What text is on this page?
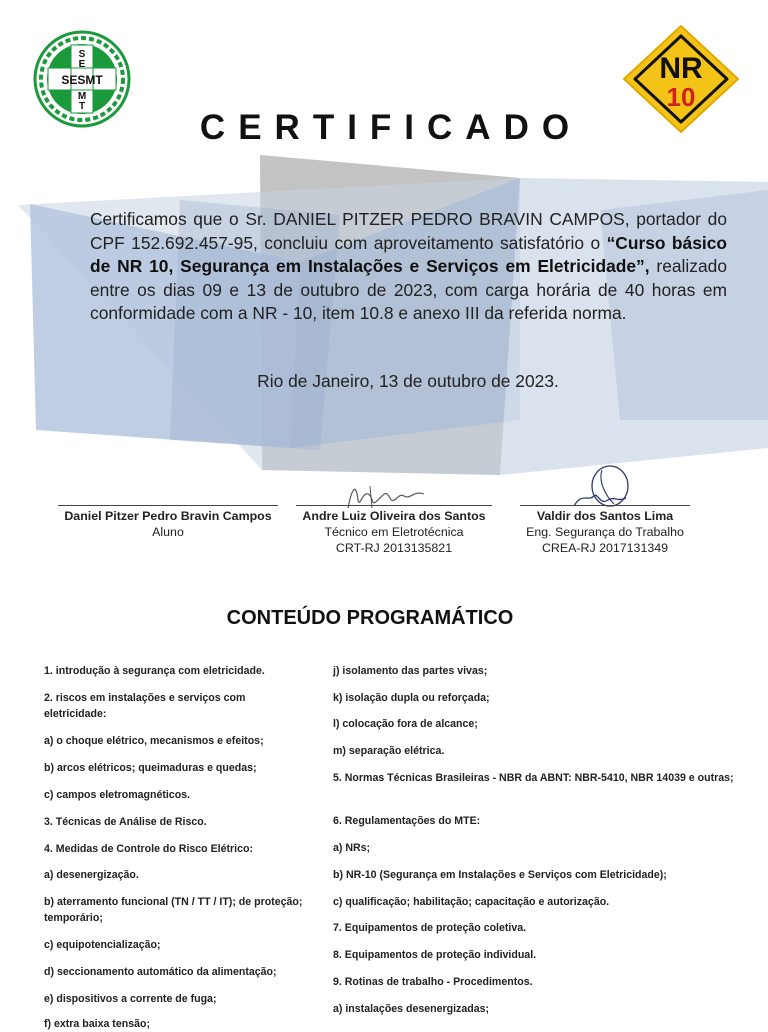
SESMT
S
E
M
T
NR
10
CERTIFICADO
Certificamos que o Sr. DANIEL PITZER PEDRO BRAVIN CAMPOS, portador do CPF 152.692.457-95, concluiu com aproveitamento satisfatório o “Curso básico de NR 10, Segurança em Instalações e Serviços em Eletricidade”, realizado entre os dias 09 e 13 de outubro de 2023, com carga horária de 40 horas em conformidade com a NR - 10, item 10.8 e anexo III da referida norma.
Rio de Janeiro, 13 de outubro de 2023.
Daniel Pitzer Pedro Bravin Campos
Aluno
Andre Luiz Oliveira dos Santos
Técnico em Eletrotécnica
CRT-RJ 2013135821
Valdir dos Santos Lima
Eng. Segurança do Trabalho
CREA-RJ 2017131349
CONTEÚDO PROGRAMÁTICO
1. introdução à segurança com eletricidade.
2. riscos em instalações e serviços com eletricidade:
a) o choque elétrico, mecanismos e efeitos;
b) arcos elétricos; queimaduras e quedas;
c) campos eletromagnéticos.
3. Técnicas de Análise de Risco.
4. Medidas de Controle do Risco Elétrico:
a) desenergização.
b) aterramento funcional (TN / TT / IT); de proteção; temporário;
c) equipotencialização;
d) seccionamento automático da alimentação;
e) dispositivos a corrente de fuga;
f) extra baixa tensão;
j) isolamento das partes vivas;
k) isolação dupla ou reforçada;
l) colocação fora de alcance;
m) separação elétrica.
5. Normas Técnicas Brasileiras - NBR da ABNT: NBR-5410, NBR 14039 e outras;
6. Regulamentações do MTE:
a) NRs;
b) NR-10 (Segurança em Instalações e Serviços com Eletricidade);
c) qualificação; habilitação; capacitação e autorização.
7. Equipamentos de proteção coletiva.
8. Equipamentos de proteção individual.
9. Rotinas de trabalho - Procedimentos.
a) instalações desenergizadas;
